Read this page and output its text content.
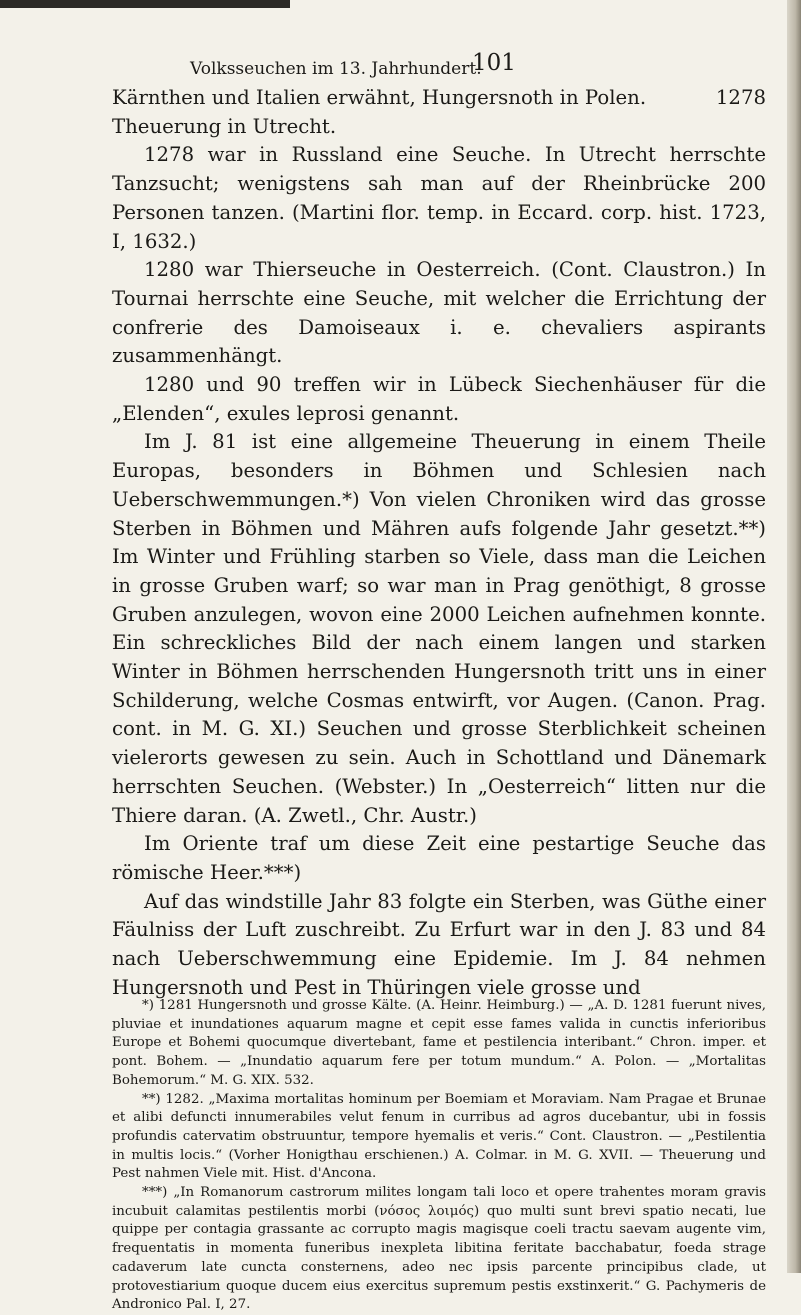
Volksseuchen im 13. Jahrhundert.
101

1278
Kärnthen und Italien erwähnt, Hungersnoth in Polen.

Theuerung in Utrecht.

1278 war in Russland eine Seuche. In Utrecht herrschte Tanzsucht; wenigstens sah man auf der Rheinbrücke 200 Personen tanzen. (Martini flor. temp. in Eccard. corp. hist. 1723, I, 1632.)

1280 war Thierseuche in Oesterreich. (Cont. Claustron.) In Tournai herrschte eine Seuche, mit welcher die Errichtung der confrerie des Damoiseaux i. e. chevaliers aspirants zusammenhängt.

1280 und 90 treffen wir in Lübeck Siechenhäuser für die „Elenden“, exules leprosi genannt.

Im J. 81 ist eine allgemeine Theuerung in einem Theile Europas, besonders in Böhmen und Schlesien nach Ueberschwemmungen.*) Von vielen Chroniken wird das grosse Sterben in Böhmen und Mähren aufs folgende Jahr gesetzt.**) Im Winter und Frühling starben so Viele, dass man die Leichen in grosse Gruben warf; so war man in Prag genöthigt, 8 grosse Gruben anzulegen, wovon eine 2000 Leichen aufnehmen konnte. Ein schreckliches Bild der nach einem langen und starken Winter in Böhmen herrschenden Hungersnoth tritt uns in einer Schilderung, welche Cosmas entwirft, vor Augen. (Canon. Prag. cont. in M. G. XI.) Seuchen und grosse Sterblichkeit scheinen vielerorts gewesen zu sein. Auch in Schottland und Dänemark herrschten Seuchen. (Webster.) In „Oesterreich“ litten nur die Thiere daran. (A. Zwetl., Chr. Austr.)

Im Oriente traf um diese Zeit eine pestartige Seuche das römische Heer.***)

Auf das windstille Jahr 83 folgte ein Sterben, was Güthe einer Fäulniss der Luft zuschreibt. Zu Erfurt war in den J. 83 und 84 nach Ueberschwemmung eine Epidemie. Im J. 84 nehmen Hungersnoth und Pest in Thüringen viele grosse und

*) 1281 Hungersnoth und grosse Kälte. (A. Heinr. Heimburg.) — „A. D. 1281 fuerunt nives, pluviae et inundationes aquarum magne et cepit esse fames valida in cunctis inferioribus Europe et Bohemi quocumque divertebant, fame et pestilencia interibant.“ Chron. imper. et pont. Bohem. — „Inundatio aquarum fere per totum mundum.“ A. Polon. — „Mortalitas Bohemorum.“ M. G. XIX. 532.

**) 1282. „Maxima mortalitas hominum per Boemiam et Moraviam. Nam Pragae et Brunae et alibi defuncti innumerabiles velut fenum in curribus ad agros ducebantur, ubi in fossis profundis catervatim obstruuntur, tempore hyemalis et veris.“ Cont. Claustron. — „Pestilentia in multis locis.“ (Vorher Honigthau erschienen.) A. Colmar. in M. G. XVII. — Theuerung und Pest nahmen Viele mit. Hist. d'Ancona.

***) „In Romanorum castrorum milites longam tali loco et opere trahentes moram gravis incubuit calamitas pestilentis morbi (νόσος λοιμός) quo multi sunt brevi spatio necati, lue quippe per contagia grassante ac corrupto magis magisque coeli tractu saevam augente vim, frequentatis in momenta funeribus inexpleta libitina feritate bacchabatur, foeda strage cadaverum late cuncta consternens, adeo nec ipsis parcente principibus clade, ut protovestiarium quoque ducem eius exercitus supremum pestis exstinxerit.“ G. Pachymeris de Andronico Pal. I, 27.
